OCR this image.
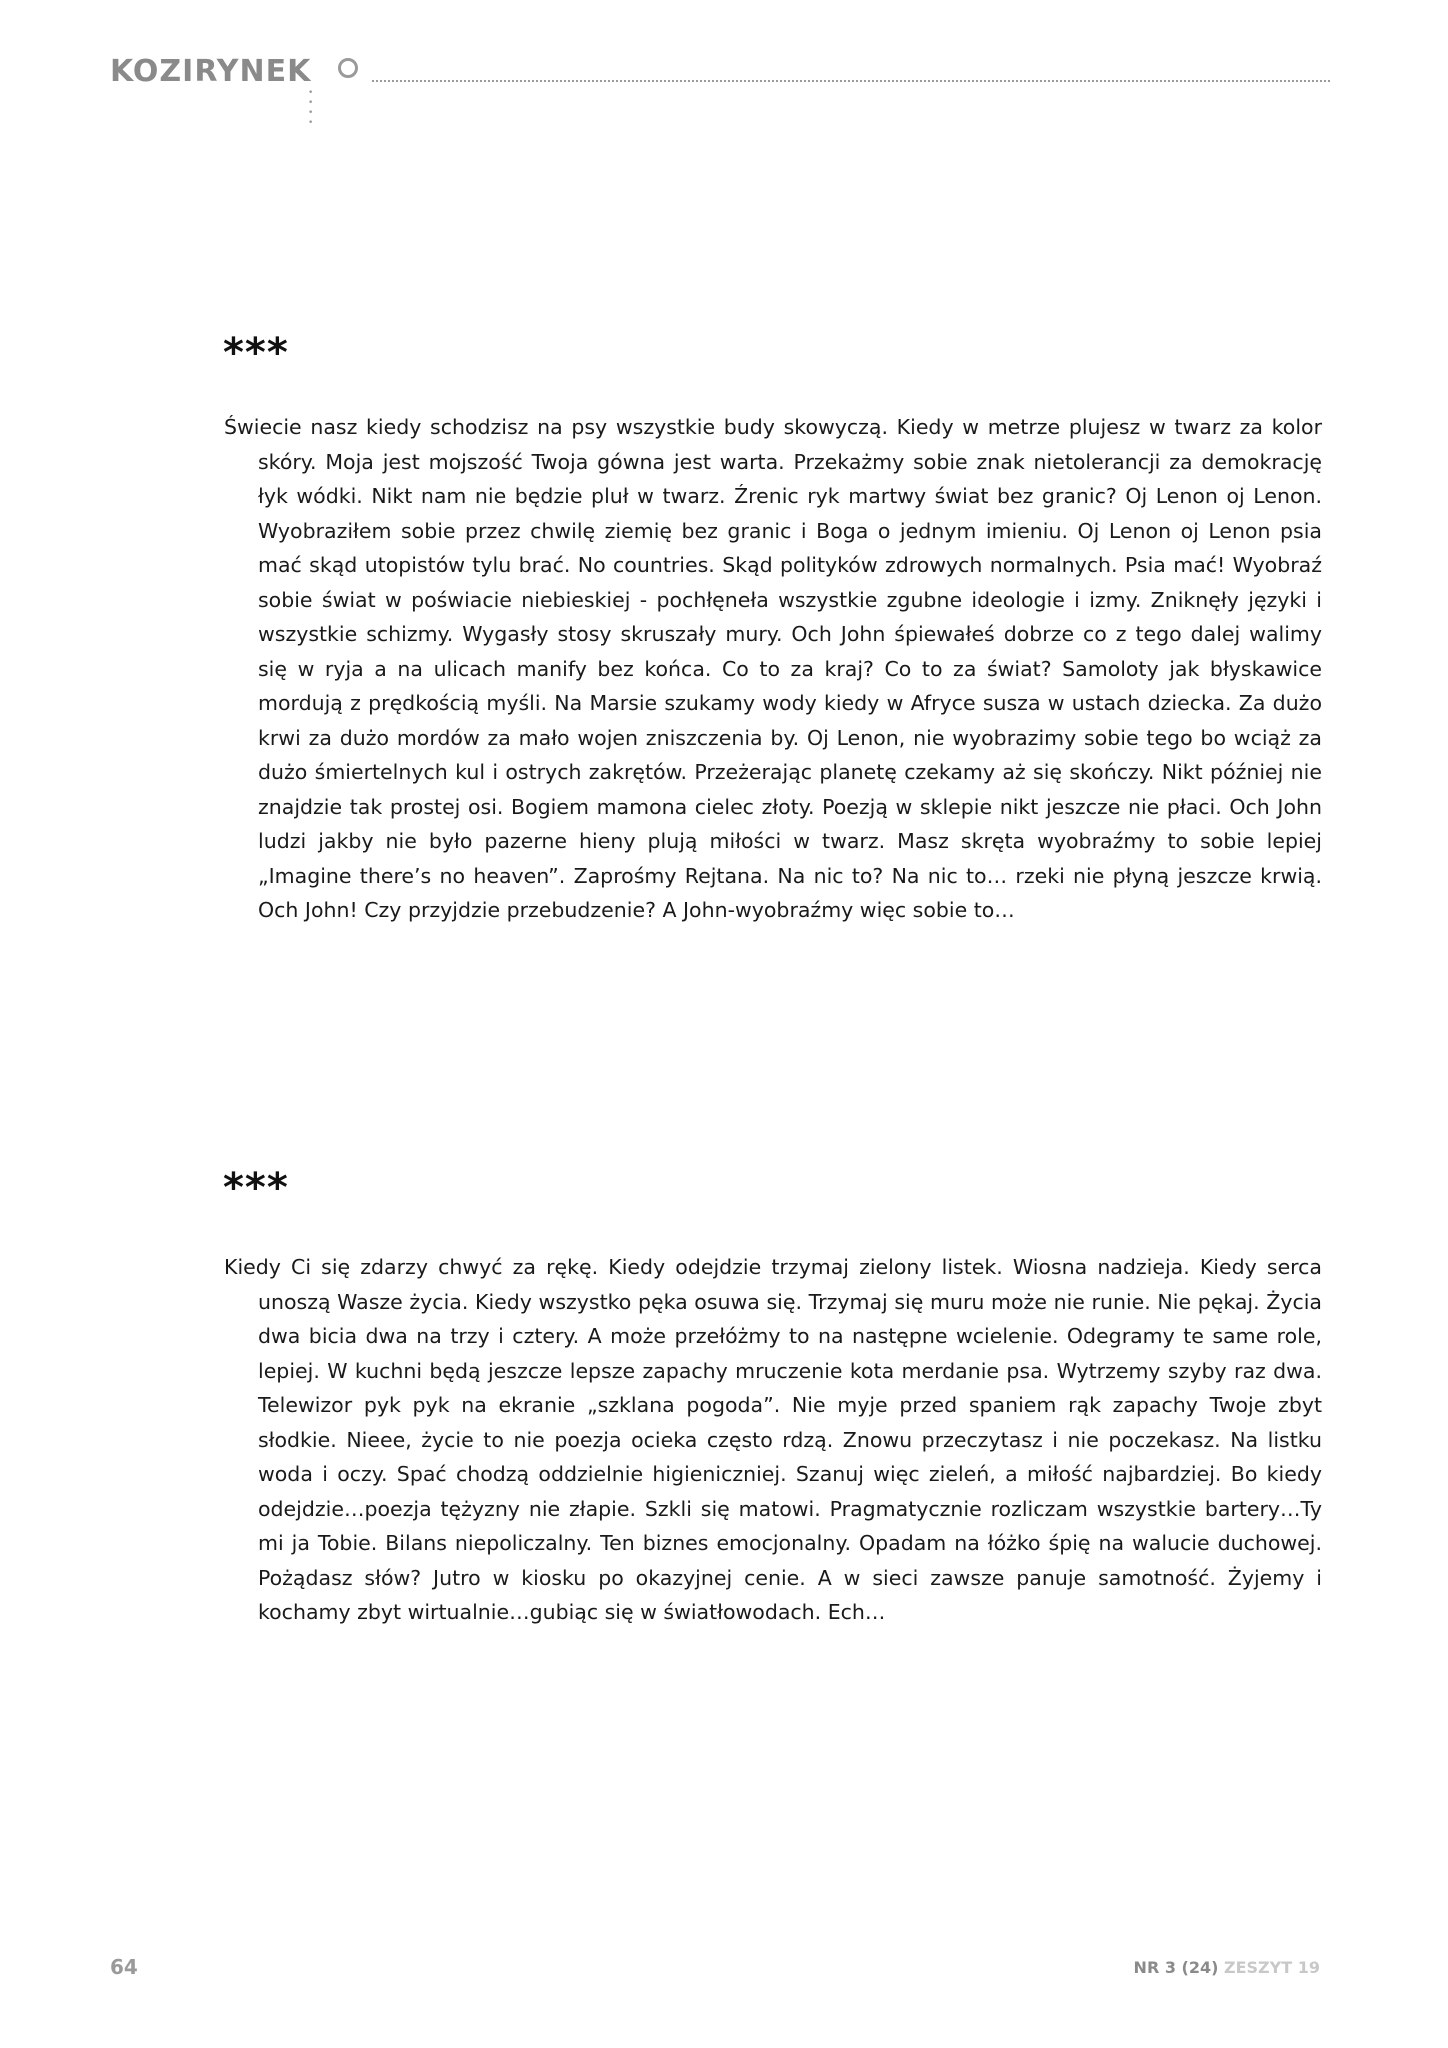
KOZIRYNEK
• • • •
***

Świecie nasz kiedy schodzisz na psy wszystkie budy skowyczą. Kiedy w metrze plujesz w twarz za kolor skóry. Moja jest mojszość Twoja gówna jest warta. Przekażmy sobie znak nietolerancji za demokrację łyk wódki. Nikt nam nie będzie pluł w twarz. Źrenic ryk martwy świat bez granic? Oj Lenon oj Lenon. Wyobraziłem sobie przez chwilę ziemię bez granic i Boga o jednym imieniu. Oj Lenon oj Lenon psia mać skąd utopistów tylu brać. No countries. Skąd polityków zdrowych normalnych. Psia mać! Wyobraź sobie świat w poświacie niebieskiej - pochłęneła wszystkie zgubne ideologie i izmy. Zniknęły języki i wszystkie schizmy. Wygasły stosy skruszały mury. Och John śpiewałeś dobrze co z tego dalej walimy się w ryja a na ulicach manify bez końca. Co to za kraj? Co to za świat? Samoloty jak błyskawice mordują z prędkością myśli. Na Marsie szukamy wody kiedy w Afryce susza w ustach dziecka. Za dużo krwi za dużo mordów za mało wojen zniszczenia by. Oj Lenon, nie wyobrazimy sobie tego bo wciąż za dużo śmiertelnych kul i ostrych zakrętów. Przeżerając planetę czekamy aż się skończy. Nikt później nie znajdzie tak prostej osi. Bogiem mamona cielec złoty. Poezją w sklepie nikt jeszcze nie płaci. Och John ludzi jakby nie było pazerne hieny plują miłości w twarz. Masz skręta wyobraźmy to sobie lepiej „Imagine there’s no heaven”. Zaprośmy Rejtana. Na nic to? Na nic to… rzeki nie płyną jeszcze krwią. Och John! Czy przyjdzie przebudzenie? A John-wyobraźmy więc sobie to…

***

Kiedy Ci się zdarzy chwyć za rękę. Kiedy odejdzie trzymaj zielony listek. Wiosna nadzieja. Kiedy serca unoszą Wasze życia. Kiedy wszystko pęka osuwa się. Trzymaj się muru może nie runie. Nie pękaj. Życia dwa bicia dwa na trzy i cztery. A może przełóżmy to na następne wcielenie. Odegramy te same role, lepiej. W kuchni będą jeszcze lepsze zapachy mruczenie kota merdanie psa. Wytrzemy szyby raz dwa. Telewizor pyk pyk na ekranie „szklana pogoda”. Nie myje przed spaniem rąk zapachy Twoje zbyt słodkie. Nieee, życie to nie poezja ocieka często rdzą. Znowu przeczytasz i nie poczekasz. Na listku woda i oczy. Spać chodzą oddzielnie higieniczniej. Szanuj więc zieleń, a miłość najbardziej. Bo kiedy odejdzie…poezja tężyzny nie złapie. Szkli się matowi. Pragmatycznie rozliczam wszystkie bartery…Ty mi ja Tobie. Bilans niepoliczalny. Ten biznes emocjonalny. Opadam na łóżko śpię na walucie duchowej. Pożądasz słów? Jutro w kiosku po okazyjnej cenie. A w sieci zawsze panuje samotność. Żyjemy i kochamy zbyt wirtualnie…gubiąc się w światłowodach. Ech…

64	NR 3 (24) ZESZYT 19
